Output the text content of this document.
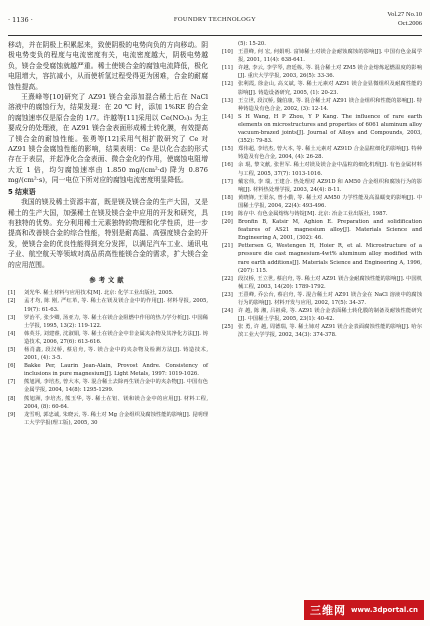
· 1136 ·	FOUNDRY TECHNOLOGY
Vol.27 No.10
Oct.2006

移动，并在阴极上积累起来，致使阴极的电势向负的方向移动。阴极电势变负的程度与电流密度有关，电流密度越大，阴极电势越负，镁合金受腐蚀就越严重。稀土使镁合金的腐蚀电流降低，极化电阻增大，容抗减小，从而使析氢过程受得更为困难，合金的耐腐蚀性提高。

王熹峰等[10]研究了 AZ91 镁合金添加混合稀土后在 NaCl 溶液中的腐蚀行为，结果发现：在 20 ℃ 时，添加 1%RE 的合金的腐蚀速率仅是原合金的 1/7。许越等[11]采用以 Ce(NO₃)₃ 为主要成分的处理液，在 AZ91 镁合金表面形成稀土转化膜，有效提高了镁合金的耐蚀性能。张勇等[12]采用气相扩散研究了 Ce 对 AZ91 镁合金腐蚀性能的影响，结果表明：Ce 是以化合态的形式存在于表层，并起净化合金表面、微合金化的作用，使腐蚀电阻增大近 1 倍，均匀腐蚀速率由 1.850 mg/(cm²·d) 降为 0.876 mg/(cm²·s)，同一电位下所对应的腐蚀电流密度明显降低。

5 结束语

我国的镁及稀土资源丰富，既是镁及镁合金的生产大国，又是稀土的生产大国，加强稀土在镁及镁合金中应用的开发和研究，具有独特的优势。充分利用稀土元素独特的物理和化学性质，进一步提高和改善镁合金的综合性能，特别是耐高温、高强度镁合金的开发，使镁合金的优良性能得到充分发挥，以满足汽车工业、通讯电子业、航空航天等领域对高品质高性能镁合金的需求，扩大镁合金的应用范围。

参考文献
[1]	刘光华. 稀土材料与应用技术[M]. 北京: 化学工业出版社, 2005.
[2]	孟才均, 陈 刚, 严红革, 等. 稀土在镁及镁合金中的作用[J]. 材料导报, 2005, 19(7): 61-63.
[3]	罗治平, 张少卿, 汤亚力, 等. 稀土在镁合金阻燃中作用的热力学分析[J]. 中国稀土学报, 1995, 13(2): 119-122.
[4]	韩英芬, 刘建睿, 沈淑娟, 等. 稀土在镁合金中非金属夹杂物及其净化方法[J]. 铸造技术, 2006, 27(6): 613-616.
[5]	杨肖鑫, 段汉桥, 蔡启舟, 等. 镁合金中的夹杂物及检测方法[J]. 铸造技术, 2001, (4): 3-5.
[6]	Bakke Per, Laurin Jean-Alain, Provost Andre. Consistency of inclusions in pure magnesium[J]. Light Metals, 1997: 1019-1026.
[7]	熊旭洲, 李培杰, 曾大本, 等. 混合稀土去除再生镁合金中的夹杂物[J]. 中国有色金属学报, 2004, 14(8): 1295-1299.
[8]	熊旭洲, 李培杰, 熊玉华, 等. 稀土在铝、镁和镁合金中的应用[J]. 材料工程, 2004, (8): 60-64.
[9]	龙雪明, 郭忠诚, 朱晓云, 等. 稀土对 Mg 合金组织及腐蚀性能的影响[J]. 昆明理工大学学报(理工版), 2005, 30
(5): 15-20.
[10] 王熹峰, 何 宏, 何娟明. 富铈稀土对镁合金耐蚀腐蚀的影响[J]. 中国有色金属学报, 2001, 11(4): 638-641.
[11] 许越, 李云, 李学琴, 唐廷栋, 等. 混合稀土对 ZM5 镁合金熔炼起燃温度的影响[J]. 重庆大学学报, 2003, 26(5): 33-36.
[12] 张利霞, 徐金山, 高义斌, 等. 稀土元素对 AZ91 镁合金显微组织及耐腐性能的影响[J]. 铸造设备研究, 2005, (1): 20-23.
[13] 王立世, 段汉桥, 魏伯康, 等. 混合稀土对 AZ91 镁合金组织和性能的影响[J]. 特种铸造及有色合金, 2002, (3): 12-14.
[14] S H Wang, H P Zhou, Y P Kang. The influence of rare earth elements on microstructures and properties of 6061 aluminum alloy vacuum-brazed joints[J]. Journal of Alloys and Compounds, 2003, (352): 79-83.
[15] 郑伟超, 李培杰, 曾大本, 等. 稀土元素对 AZ91D 合金晶粒细化的影响[J]. 特种铸造及有色合金, 2004, (4): 26-28.
[16] 余 琨, 黎文献, 张世军. 稀土对镁及镁合金中晶粒的细化机理[J]. 有色金属材料与工程, 2005, 37(7): 1013-1016.
[17] 戴宏伟, 李 瑞, 王建合. 热处理对 AZ91D 和 AM50 合金组织和腐蚀行为的影响[J]. 材料热处理学报, 2003, 24(4): 8-11.
[18] 黄晓锋, 王渠东, 曾小勤, 等. 稀土对 AM50 力学性能及高温蠕变的影响[J]. 中国稀土学报, 2004, 22(4): 493-496.
[19] 陈存中. 有色金属熔炼与铸锭[M]. 北京: 冶金工业出版社, 1987.
[20] Bronfin B, Katsir M, Aghion E. Preparation and solidification features of AS21 magnesium alloy[J]. Materials Science and Engineering A, 2001, (302): 46.
[21] Pettersen G, Westengen H, Hoier R, et al. Microstructure of a pressure die cast magnesium-4wt% aluminum alloy modified with rare earth additions[J]. Materials Science and Engineering A, 1996, (207): 115.
[22] 段汉桥, 王立世, 蔡启舟, 等. 稀土对 AZ91 镁合金耐腐蚀性能的影响[J]. 中国机械工程, 2003, 14(20): 1789-1792.
[23] 王熹峰, 乔公台, 蔡启舟, 等. 混合稀土对 AZ91 镁合金在 NaCl 溶液中的腐蚀行为的影响[J]. 材料开发与应用, 2002, 17(5): 34-37.
[24] 许 越, 陈 湘, 吕祖舜, 等. AZ91 镁合金表面稀土转化膜的制备及耐蚀性能研究[J]. 中国稀土学报, 2005, 23(1): 40-42.
[25] 张 勇, 许 越, 周德瑞, 等. 稀土铈对 AZ91 镁合金表面腐蚀性能的影响[J]. 哈尔滨工业大学学报, 2002, 34(3): 374-378.
三维网 www.3dportal.cn
